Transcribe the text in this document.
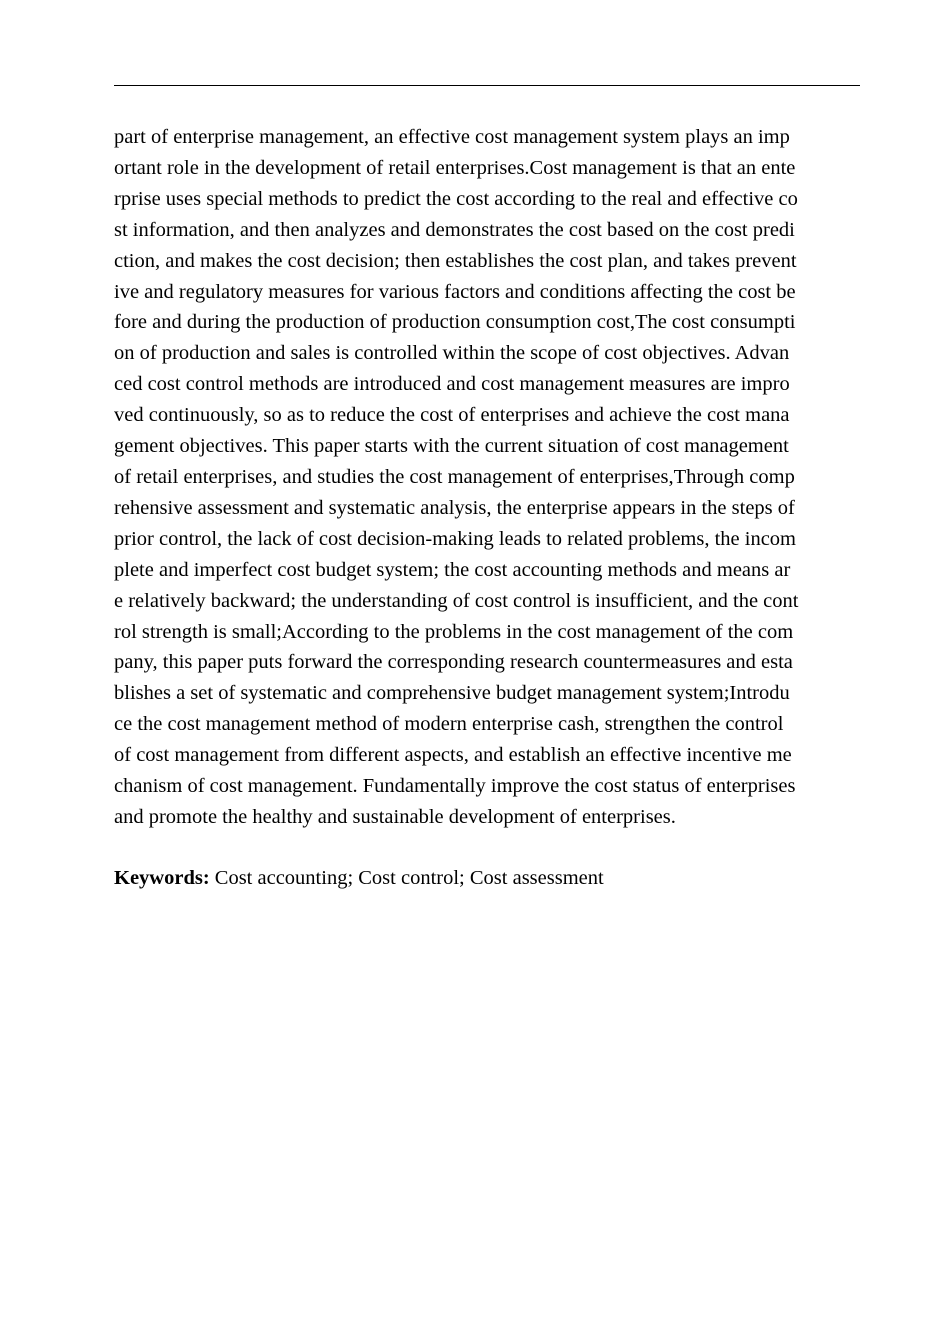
part of enterprise management, an effective cost management system plays an imp
ortant role in the development of retail enterprises.Cost management is that an ente
rprise uses special methods to predict the cost according to the real and effective co
st information, and then analyzes and demonstrates the cost based on the cost predi
ction, and makes the cost decision; then establishes the cost plan, and takes prevent
ive and regulatory measures for various factors and conditions affecting the cost be
fore and during the production of production consumption cost,The cost consumpti
on of production and sales is controlled within the scope of cost objectives. Advan
ced cost control methods are introduced and cost management measures are impro
ved continuously, so as to reduce the cost of enterprises and achieve the cost mana
gement objectives. This paper starts with the current situation of cost management
of retail enterprises, and studies the cost management of enterprises,Through comp
rehensive assessment and systematic analysis, the enterprise appears in the steps of
prior control, the lack of cost decision-making leads to related problems, the incom
plete and imperfect cost budget system; the cost accounting methods and means ar
e relatively backward; the understanding of cost control is insufficient, and the cont
rol strength is small;According to the problems in the cost management of the com
pany, this paper puts forward the corresponding research countermeasures and esta
blishes a set of systematic and comprehensive budget management system;Introdu
ce the cost management method of modern enterprise cash, strengthen the control
of cost management from different aspects, and establish an effective incentive me
chanism of cost management. Fundamentally improve the cost status of enterprises
and promote the healthy and sustainable development of enterprises.

Keywords: Cost accounting; Cost control; Cost assessment
